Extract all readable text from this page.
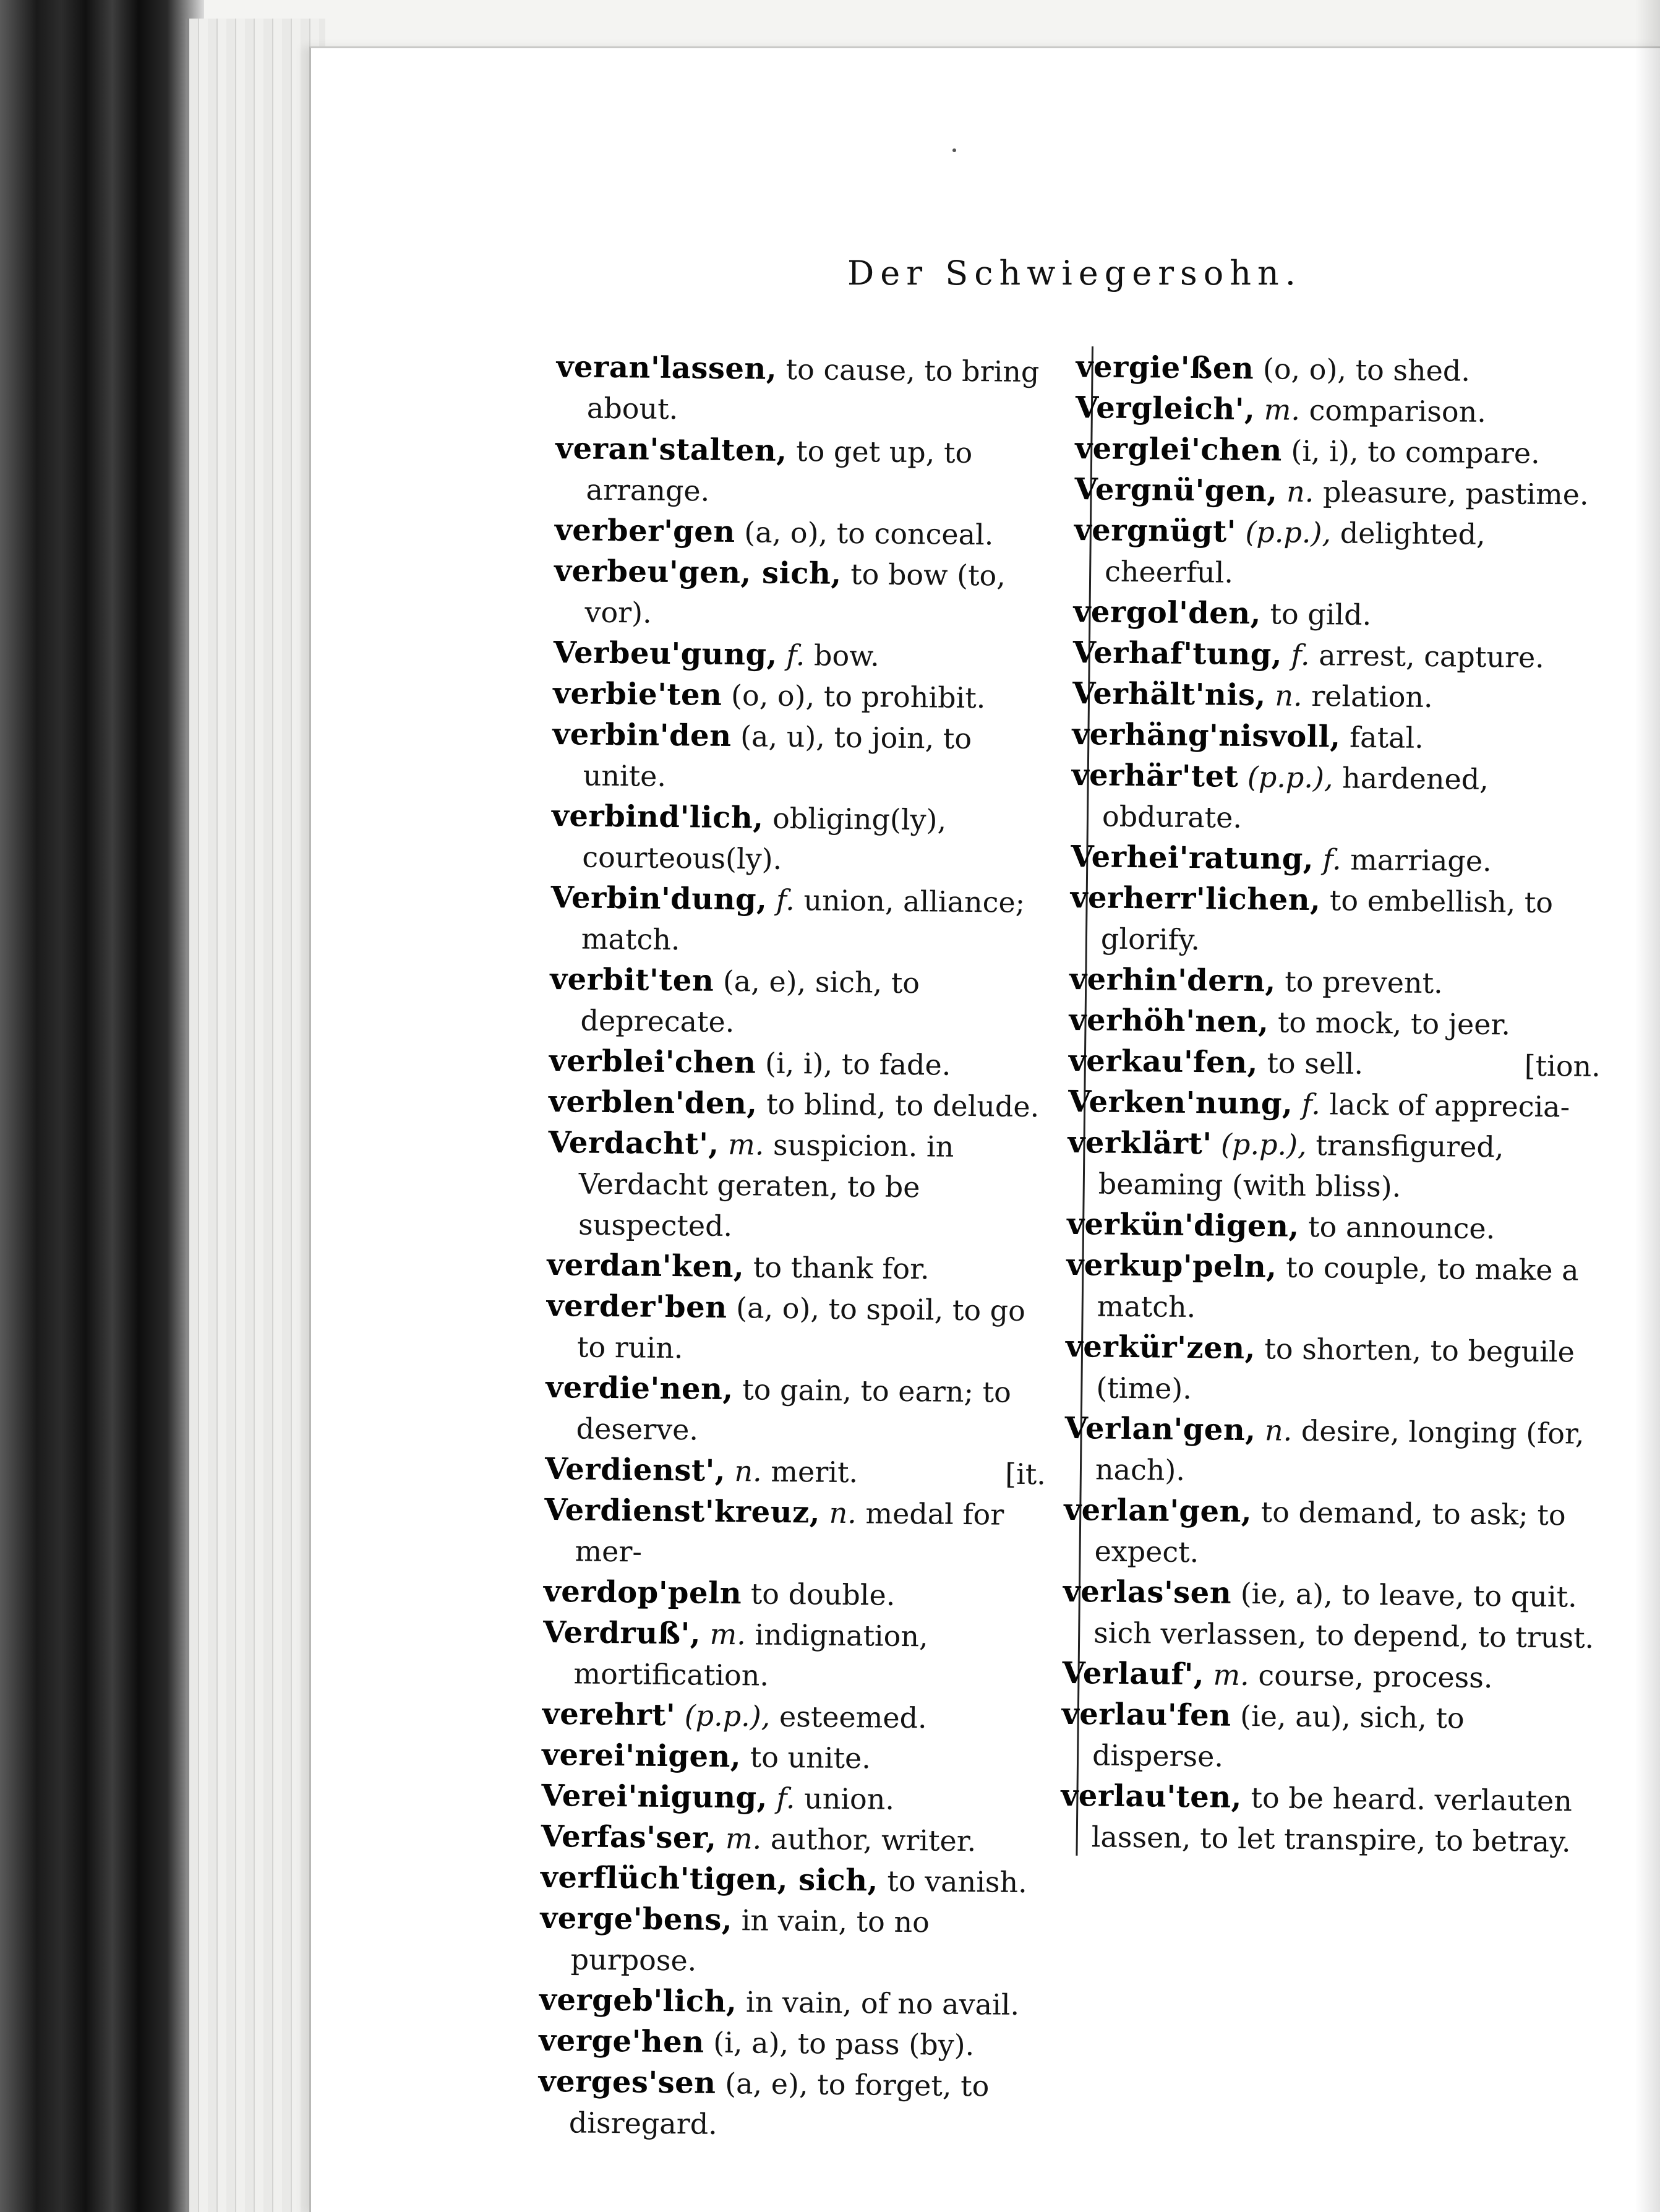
Der Schwiegersohn.

veran'lassen, to cause, to bring about.

veran'stalten, to get up, to arrange.

verber'gen (a, o), to conceal.

verbeu'gen, sich, to bow (to, vor).

Verbeu'gung, f. bow.

verbie'ten (o, o), to prohibit.

verbin'den (a, u), to join, to unite.

verbind'lich, obliging(ly), courteous(ly).

Verbin'dung, f. union, alliance; match.

verbit'ten (a, e), sich, to deprecate.

verblei'chen (i, i), to fade.

verblen'den, to blind, to delude.

Verdacht', m. suspicion. in Verdacht geraten, to be suspected.

verdan'ken, to thank for.

verder'ben (a, o), to spoil, to go to ruin.

verdie'nen, to gain, to earn; to deserve.

[it.
Verdienst', n. merit.

Verdienst'kreuz, n. medal for mer-

verdop'peln to double.

Verdruß', m. indignation, mortification.

verehrt' (p.p.), esteemed.

verei'nigen, to unite.

Verei'nigung, f. union.

Verfas'ser, m. author, writer.

verflüch'tigen, sich, to vanish.

verge'bens, in vain, to no purpose.

vergeb'lich, in vain, of no avail.

verge'hen (i, a), to pass (by).

verges'sen (a, e), to forget, to disregard.

vergie'ßen (o, o), to shed.

Vergleich', m. comparison.

verglei'chen (i, i), to compare.

Vergnü'gen, n. pleasure, pastime.

vergnügt' (p.p.), delighted, cheerful.

vergol'den, to gild.

Verhaf'tung, f. arrest, capture.

Verhält'nis, n. relation.

verhäng'nisvoll, fatal.

verhär'tet (p.p.), hardened, obdurate.

Verhei'ratung, f. marriage.

verherr'lichen, to embellish, to glorify.

verhin'dern, to prevent.

verhöh'nen, to mock, to jeer.

[tion.
verkau'fen, to sell.

Verken'nung, f. lack of apprecia-

verklärt' (p.p.), transfigured, beaming (with bliss).

verkün'digen, to announce.

verkup'peln, to couple, to make a match.

verkür'zen, to shorten, to beguile (time).

Verlan'gen, n. desire, longing (for, nach).

verlan'gen, to demand, to ask; to expect.

verlas'sen (ie, a), to leave, to quit. sich verlassen, to depend, to trust.

Verlauf', m. course, process.

verlau'fen (ie, au), sich, to disperse.

verlau'ten, to be heard. verlauten lassen, to let transpire, to betray.
